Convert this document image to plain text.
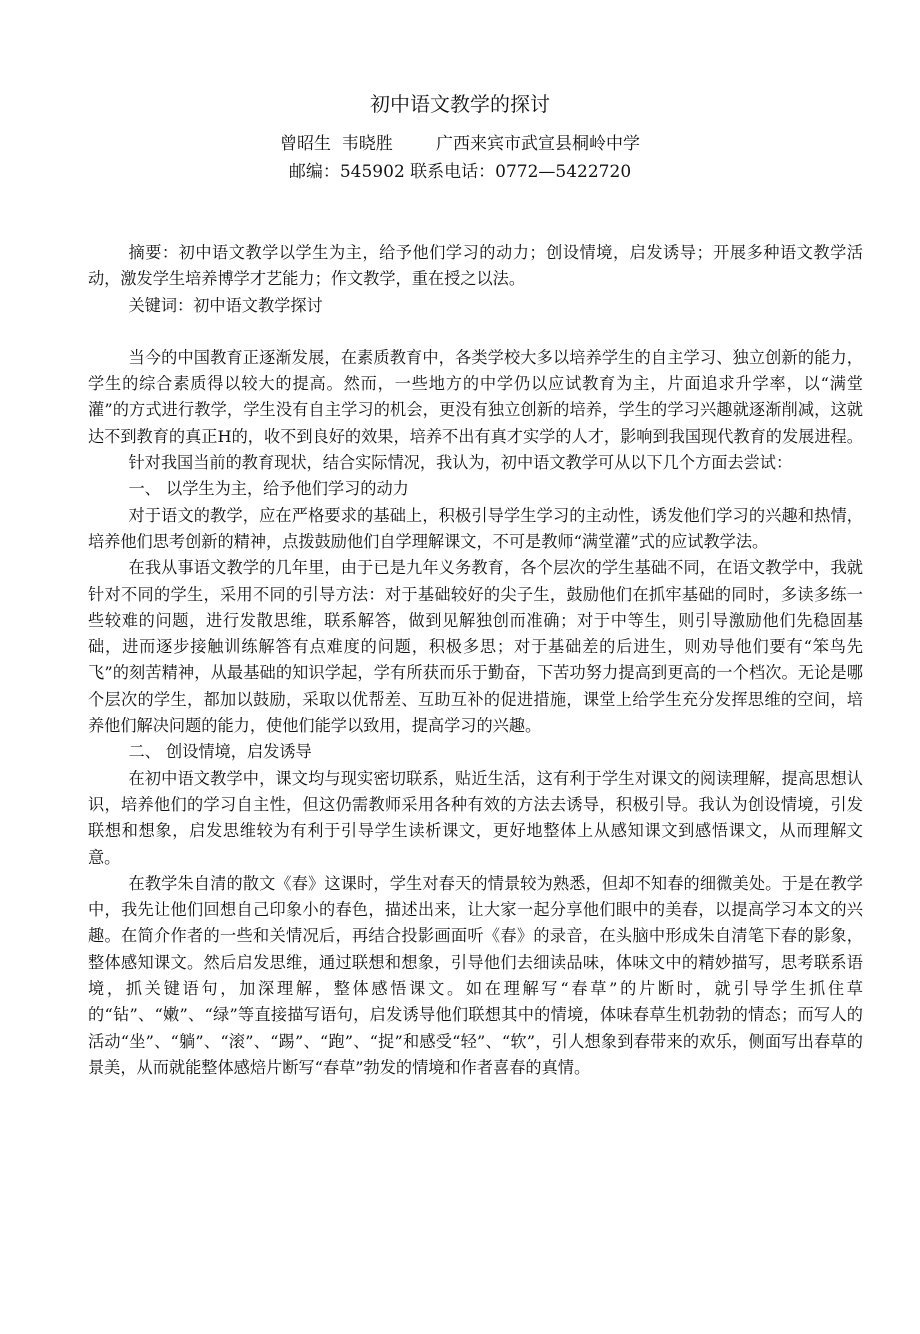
初中语文教学的探讨
曾昭生  韦晓胜        广西来宾市武宣县桐岭中学
邮编：545902 联系电话：0772—5422720

摘要：初中语文教学以学生为主，给予他们学习的动力；创设情境，启发诱导；开展多种语文教学活动，激发学生培养博学才艺能力；作文教学，重在授之以法。

关键词：初中语文教学探讨

当今的中国教育正逐渐发展，在素质教育中，各类学校大多以培养学生的自主学习、独立创新的能力，学生的综合素质得以较大的提高。然而，一些地方的中学仍以应试教育为主，片面追求升学率，以“满堂灌”的方式进行教学，学生没有自主学习的机会，更没有独立创新的培养，学生的学习兴趣就逐渐削减，这就达不到教育的真正H的，收不到良好的效果，培养不出有真才实学的人才，影响到我国现代教育的发展进程。

针对我国当前的教育现状，结合实际情况，我认为，初中语文教学可从以下几个方面去尝试：

一、 以学生为主，给予他们学习的动力

对于语文的教学，应在严格要求的基础上，积极引导学生学习的主动性，诱发他们学习的兴趣和热情，培养他们思考创新的精神，点拨鼓励他们自学理解课文，不可是教师“满堂灌”式的应试教学法。

在我从事语文教学的几年里，由于已是九年义务教育，各个层次的学生基础不同，在语文教学中，我就针对不同的学生，采用不同的引导方法：对于基础较好的尖子生，鼓励他们在抓牢基础的同时，多读多练一些较难的问题，进行发散思维，联系解答，做到见解独创而准确；对于中等生，则引导激励他们先稳固基础，进而逐步接触训练解答有点难度的问题，积极多思；对于基础差的后进生，则劝导他们要有“笨鸟先飞”的刻苦精神，从最基础的知识学起，学有所获而乐于勤奋，下苦功努力提高到更高的一个档次。无论是哪个层次的学生，都加以鼓励，采取以优帮差、互助互补的促进措施，课堂上给学生充分发挥思维的空间，培养他们解决问题的能力，使他们能学以致用，提高学习的兴趣。

二、 创设情境，启发诱导

在初中语文教学中，课文均与现实密切联系，贴近生活，这有利于学生对课文的阅读理解，提高思想认识，培养他们的学习自主性，但这仍需教师采用各种有效的方法去诱导，积极引导。我认为创设情境，引发联想和想象，启发思维较为有利于引导学生读析课文，更好地整体上从感知课文到感悟课文，从而理解文意。

在教学朱自清的散文《春》这课时，学生对春天的情景较为熟悉，但却不知春的细微美处。于是在教学中，我先让他们回想自己印象小的春色，描述出来，让大家一起分享他们眼中的美春，以提高学习本文的兴趣。在简介作者的一些和关情况后，再结合投影画面听《春》的录音，在头脑中形成朱自清笔下春的影象，整体感知课文。然后启发思维，通过联想和想象，引导他们去细读品味，体味文中的精妙描写，思考联系语境，抓关键语句，加深理解，整体感悟课文。如在理解写“春草”的片断时，就引导学生抓住草的“钻”、“嫩”、“绿”等直接描写语句，启发诱导他们联想其中的情境，体味春草生机勃勃的情态；而写人的活动“坐”、“躺”、“滚”、“踢”、“跑”、“捉”和感受“轻”、“软”，引人想象到春带来的欢乐，侧面写出春草的景美，从而就能整体感焙片断写“春草”勃发的情境和作者喜春的真情。
